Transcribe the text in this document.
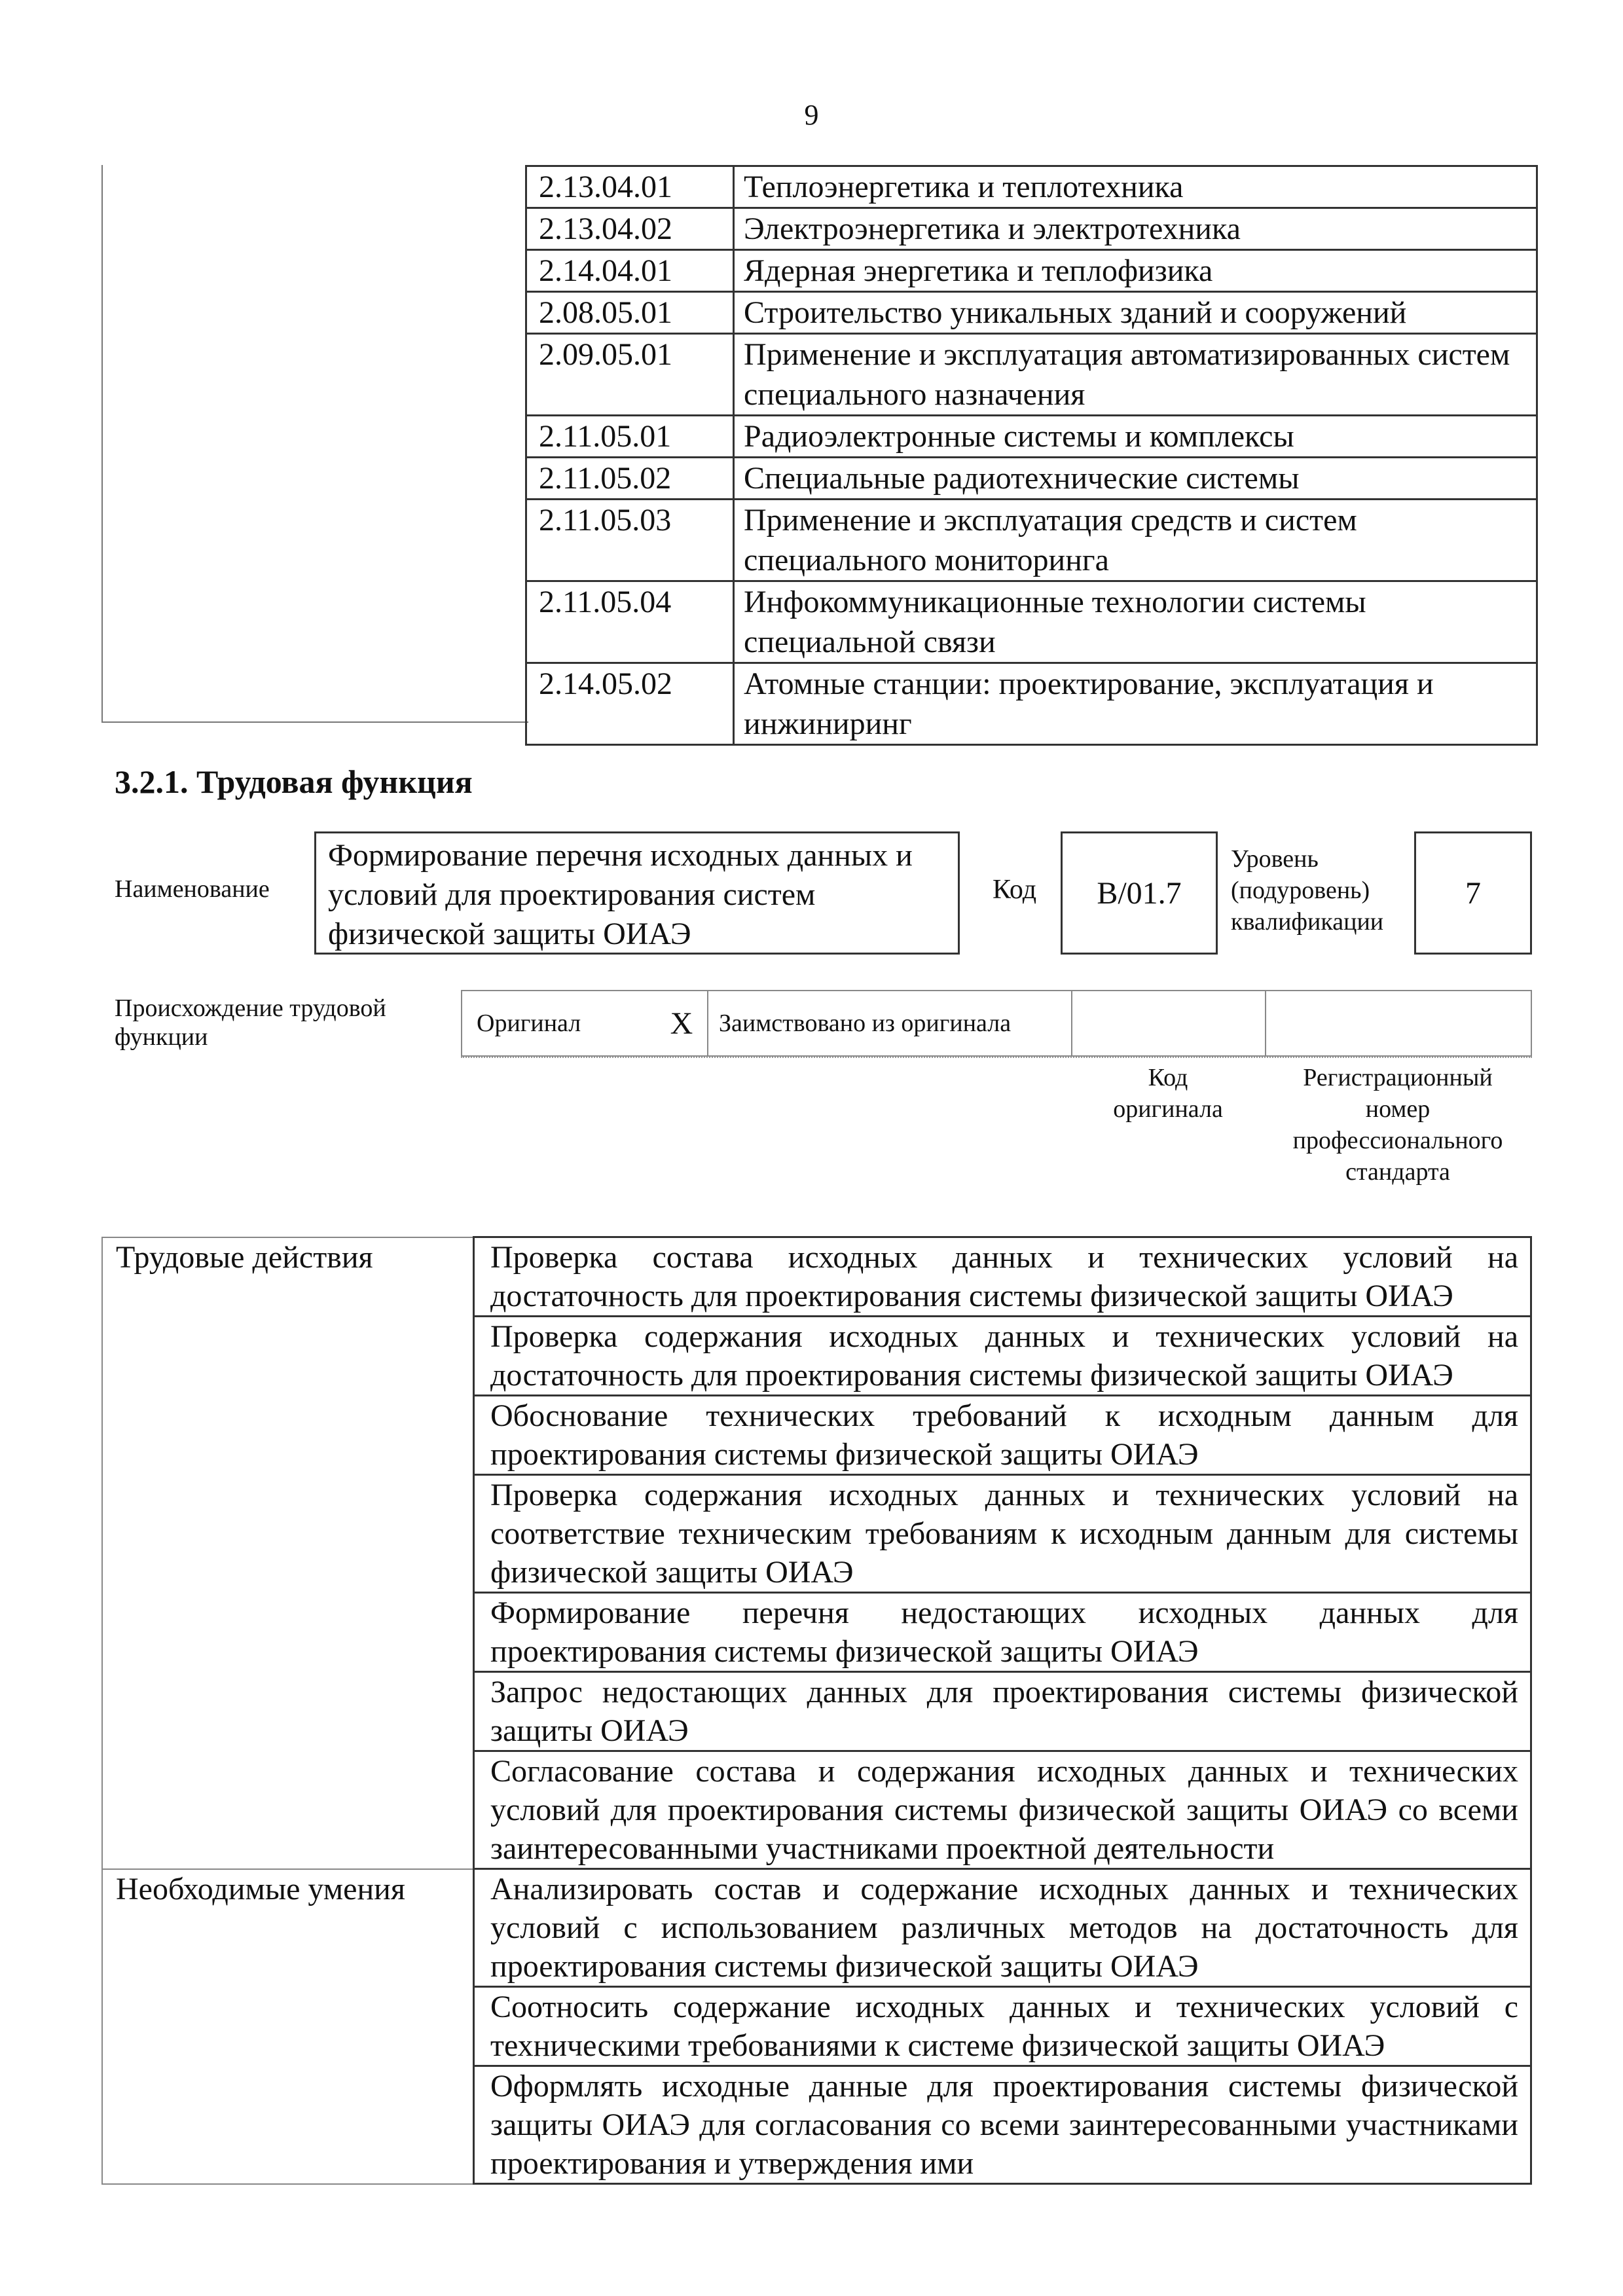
9
2.13.04.01	Теплоэнергетика и теплотехника
2.13.04.02	Электроэнергетика и электротехника
2.14.04.01	Ядерная энергетика и теплофизика
2.08.05.01	Строительство уникальных зданий и сооружений
2.09.05.01	Применение и эксплуатация автоматизированных систем специального назначения
2.11.05.01	Радиоэлектронные системы и комплексы
2.11.05.02	Специальные радиотехнические системы
2.11.05.03	Применение и эксплуатация средств и систем специального мониторинга
2.11.05.04	Инфокоммуникационные технологии системы специальной связи
2.14.05.02	Атомные станции: проектирование, эксплуатация и инжиниринг
3.2.1. Трудовая функция
Наименование
Формирование перечня исходных данных и условий для проектирования систем физической защиты ОИАЭ
Код	B/01.7
Уровень
(подуровень)
квалификации
7
Происхождение трудовой
функции	Оригинал	X	Заимствовано из оригинала
Код
оригинала
Регистрационный
номер
профессионального
стандарта
Трудовые действия	Проверка состава исходных данных и технических условий на достаточность для проектирования системы физической защиты ОИАЭ
	Проверка содержания исходных данных и технических условий на достаточность для проектирования системы физической защиты ОИАЭ
	Обоснование технических требований к исходным данным для проектирования системы физической защиты ОИАЭ
	Проверка содержания исходных данных и технических условий на соответствие техническим требованиям к исходным данным для системы физической защиты ОИАЭ
	Формирование перечня недостающих исходных данных для проектирования системы физической защиты ОИАЭ
	Запрос недостающих данных для проектирования системы физической защиты ОИАЭ
	Согласование состава и содержания исходных данных и технических условий для проектирования системы физической защиты ОИАЭ со всеми заинтересованными участниками проектной деятельности
Необходимые умения	Анализировать состав и содержание исходных данных и технических условий с использованием различных методов на достаточность для проектирования системы физической защиты ОИАЭ
	Соотносить содержание исходных данных и технических условий с техническими требованиями к системе физической защиты ОИАЭ
	Оформлять исходные данные для проектирования системы физической защиты ОИАЭ для согласования со всеми заинтересованными участниками проектирования и утверждения ими
